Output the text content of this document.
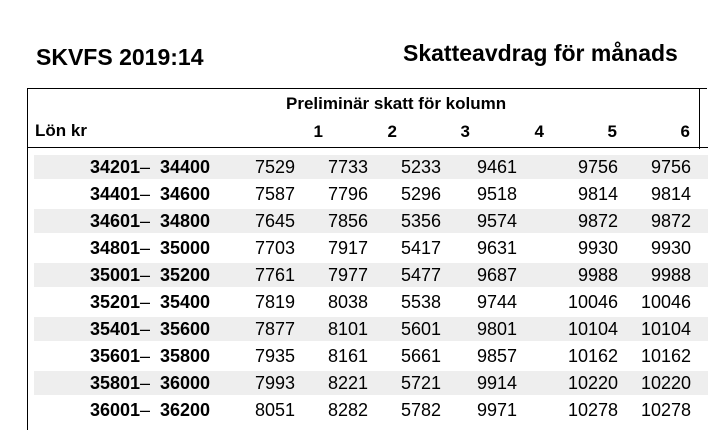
SKVFS 2019:14	Skatteavdrag för månads
Preliminär skatt för kolumn
Lön kr	1	2	3	4	5	6
34201 – 34400	7529	7733	5233	9461	9756	9756
34401 – 34600	7587	7796	5296	9518	9814	9814
34601 – 34800	7645	7856	5356	9574	9872	9872
34801 – 35000	7703	7917	5417	9631	9930	9930
35001 – 35200	7761	7977	5477	9687	9988	9988
35201 – 35400	7819	8038	5538	9744	10046	10046
35401 – 35600	7877	8101	5601	9801	10104	10104
35601 – 35800	7935	8161	5661	9857	10162	10162
35801 – 36000	7993	8221	5721	9914	10220	10220
36001 – 36200	8051	8282	5782	9971	10278	10278
